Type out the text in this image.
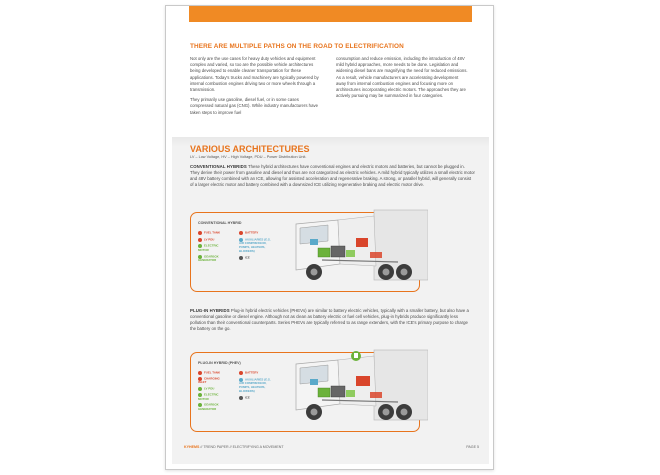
THERE ARE MULTIPLE PATHS ON THE ROAD TO ELECTRIFICATION

Not only are the use cases for heavy duty vehicles and equipment complex and varied, so too are the possible vehicle architectures being developed to enable cleaner transportation for these applications. Today's trucks and machinery are typically powered by internal combustion engines driving two or more wheels through a transmission.

They primarily use gasoline, diesel fuel, or in some cases compressed natural gas (CNG). While industry manufacturers have taken steps to improve fuel

consumption and reduce emission, including the introduction of 48V mild hybrid approaches, more needs to be done. Legislation and widening diesel bans are magnifying the need for reduced emissions. As a result, vehicle manufacturers are accelerating development away from internal combustion engines and focusing more on architectures incorporating electric motors. The approaches they are actively pursuing may be summarized in four categories.

VARIOUS ARCHITECTURES
LV – Low Voltage, HV – High Voltage, PDU – Power Distribution Unit.
CONVENTIONAL HYBRIDS These hybrid architectures have conventional engines and electric motors and batteries, but cannot be plugged in. They derive their power from gasoline and diesel and thus are not categorized as electric vehicles. A mild hybrid typically utilizes a small electric motor and 48V battery combined with an ICE, allowing for assisted acceleration and regenerative braking. A strong, or parallel hybrid, will generally consist of a larger electric motor and battery combined with a downsized ICE utilizing regenerative braking and electric motor drive.
CONVENTIONAL HYBRID
FUEL TANK
LV PDU
ELECTRIC MOTOR
GEARBOX GENERATOR
BATTERY
AUXILIARIES (E.G. AIR COMPRESSOR, PUMPS, HEATERS, BLOWERS)
ICE
PLUG-IN HYBRIDS Plug-in hybrid electric vehicles (PHEVs) are similar to battery electric vehicles, typically with a smaller battery, but also have a conventional gasoline or diesel engine. Although not as clean as battery electric or fuel cell vehicles, plug-in hybrids produce significantly less pollution than their conventional counterparts. Series PHEVs are typically referred to as range extenders, with the ICE's primary purpose to charge the battery on the go.
PLUG-IN HYBRID (PHEV)
FUEL TANK
CHARGING INLET
LV PDU
ELECTRIC MOTOR
GEARBOX GENERATOR
BATTERY
AUXILIARIES (E.G. AIR COMPRESSOR, PUMPS, HEATERS, BLOWERS)
ICE
KYHEMS // TREND PAPER // ELECTRIFYING A MOVEMENT	PAGE 5
